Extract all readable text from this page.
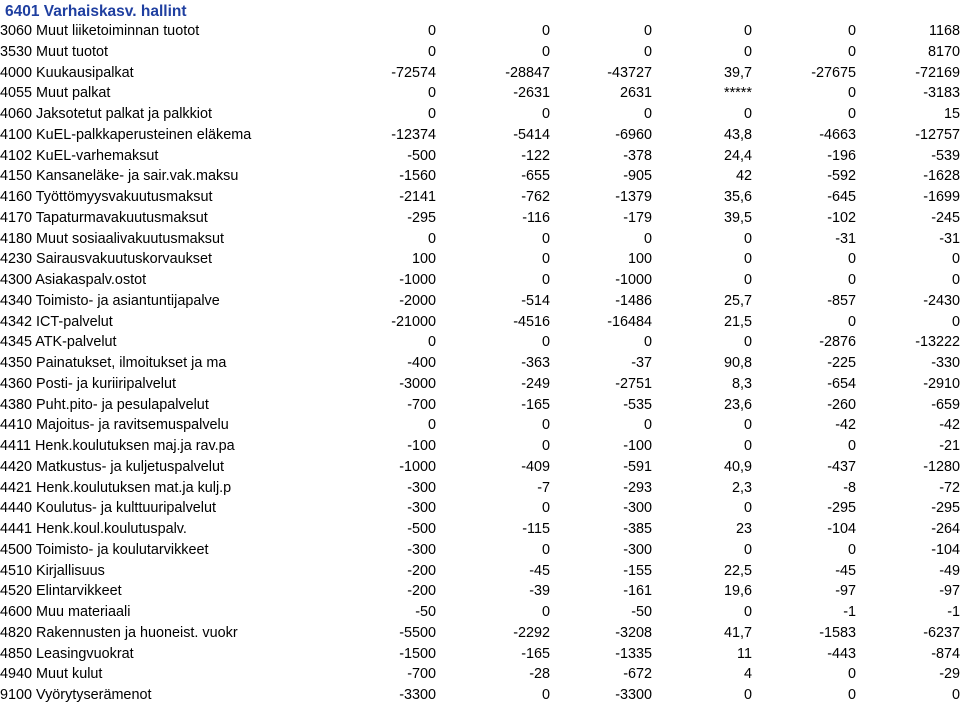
6401 Varhaiskasv. hallint
3060 Muut liiketoiminnan tuotot	0	0	0	0	0	1168
3530 Muut tuotot	0	0	0	0	0	8170
4000 Kuukausipalkat	-72574	-28847	-43727	39,7	-27675	-72169
4055 Muut palkat	0	-2631	2631	*****	0	-3183
4060 Jaksotetut palkat ja palkkiot	0	0	0	0	0	15
4100 KuEL-palkkaperusteinen eläkema	-12374	-5414	-6960	43,8	-4663	-12757
4102 KuEL-varhemaksut	-500	-122	-378	24,4	-196	-539
4150 Kansaneläke- ja sair.vak.maksu	-1560	-655	-905	42	-592	-1628
4160 Työttömyysvakuutusmaksut	-2141	-762	-1379	35,6	-645	-1699
4170 Tapaturmavakuutusmaksut	-295	-116	-179	39,5	-102	-245
4180 Muut sosiaalivakuutusmaksut	0	0	0	0	-31	-31
4230 Sairausvakuutuskorvaukset	100	0	100	0	0	0
4300 Asiakaspalv.ostot	-1000	0	-1000	0	0	0
4340 Toimisto- ja asiantuntijapalve	-2000	-514	-1486	25,7	-857	-2430
4342 ICT-palvelut	-21000	-4516	-16484	21,5	0	0
4345 ATK-palvelut	0	0	0	0	-2876	-13222
4350 Painatukset, ilmoitukset ja ma	-400	-363	-37	90,8	-225	-330
4360 Posti- ja kuriiripalvelut	-3000	-249	-2751	8,3	-654	-2910
4380 Puht.pito- ja pesulapalvelut	-700	-165	-535	23,6	-260	-659
4410 Majoitus- ja ravitsemuspalvelu	0	0	0	0	-42	-42
4411 Henk.koulutuksen maj.ja rav.pa	-100	0	-100	0	0	-21
4420 Matkustus- ja kuljetuspalvelut	-1000	-409	-591	40,9	-437	-1280
4421 Henk.koulutuksen mat.ja kulj.p	-300	-7	-293	2,3	-8	-72
4440 Koulutus- ja kulttuuripalvelut	-300	0	-300	0	-295	-295
4441 Henk.koul.koulutuspalv.	-500	-115	-385	23	-104	-264
4500 Toimisto- ja koulutarvikkeet	-300	0	-300	0	0	-104
4510 Kirjallisuus	-200	-45	-155	22,5	-45	-49
4520 Elintarvikkeet	-200	-39	-161	19,6	-97	-97
4600 Muu materiaali	-50	0	-50	0	-1	-1
4820 Rakennusten ja huoneist. vuokr	-5500	-2292	-3208	41,7	-1583	-6237
4850 Leasingvuokrat	-1500	-165	-1335	11	-443	-874
4940 Muut kulut	-700	-28	-672	4	0	-29
9100 Vyörytyserämenot	-3300	0	-3300	0	0	0
